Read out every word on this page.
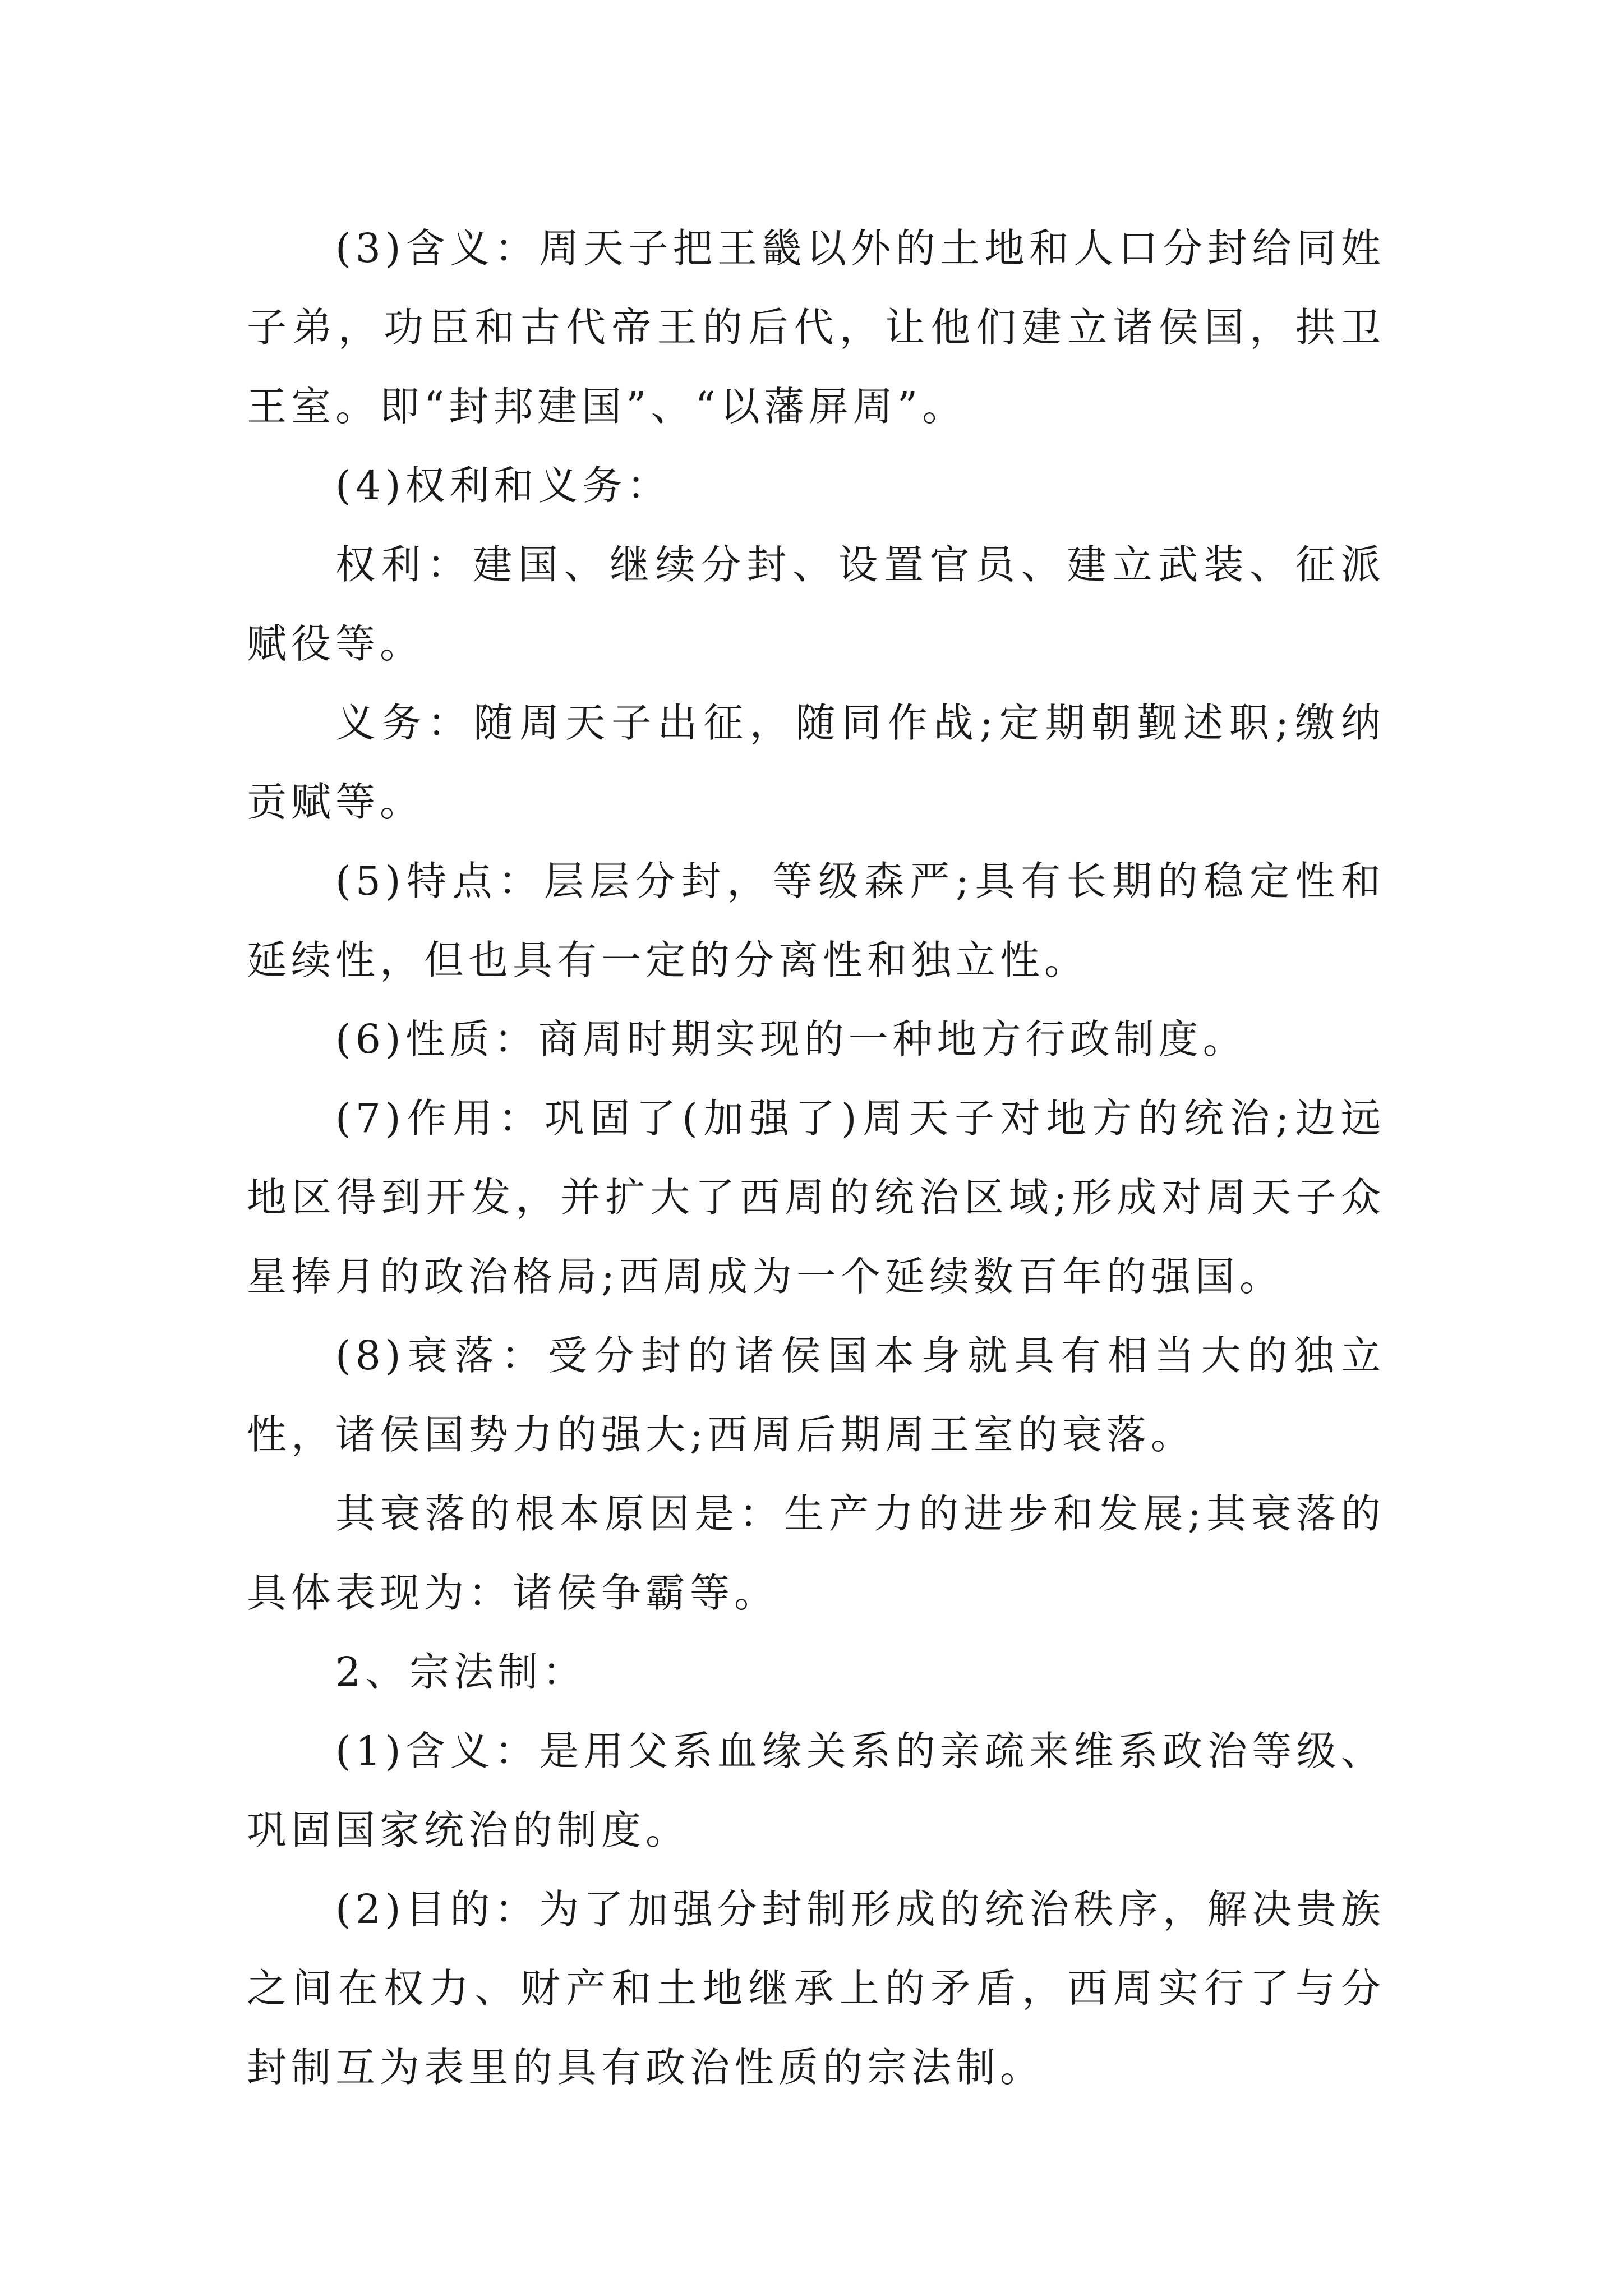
(3)含义：周天子把王畿以外的土地和人口分封给同姓子弟，功臣和古代帝王的后代，让他们建立诸侯国，拱卫王室。即“封邦建国”、“以藩屏周”。

(4)权利和义务：

权利：建国、继续分封、设置官员、建立武装、征派赋役等。

义务：随周天子出征，随同作战;定期朝觐述职;缴纳贡赋等。

(5)特点：层层分封，等级森严;具有长期的稳定性和延续性，但也具有一定的分离性和独立性。

(6)性质：商周时期实现的一种地方行政制度。

(7)作用：巩固了(加强了)周天子对地方的统治;边远地区得到开发，并扩大了西周的统治区域;形成对周天子众星捧月的政治格局;西周成为一个延续数百年的强国。

(8)衰落：受分封的诸侯国本身就具有相当大的独立性，诸侯国势力的强大;西周后期周王室的衰落。

其衰落的根本原因是：生产力的进步和发展;其衰落的具体表现为：诸侯争霸等。

2、宗法制：

(1)含义：是用父系血缘关系的亲疏来维系政治等级、巩固国家统治的制度。

(2)目的：为了加强分封制形成的统治秩序，解决贵族之间在权力、财产和土地继承上的矛盾，西周实行了与分封制互为表里的具有政治性质的宗法制。
